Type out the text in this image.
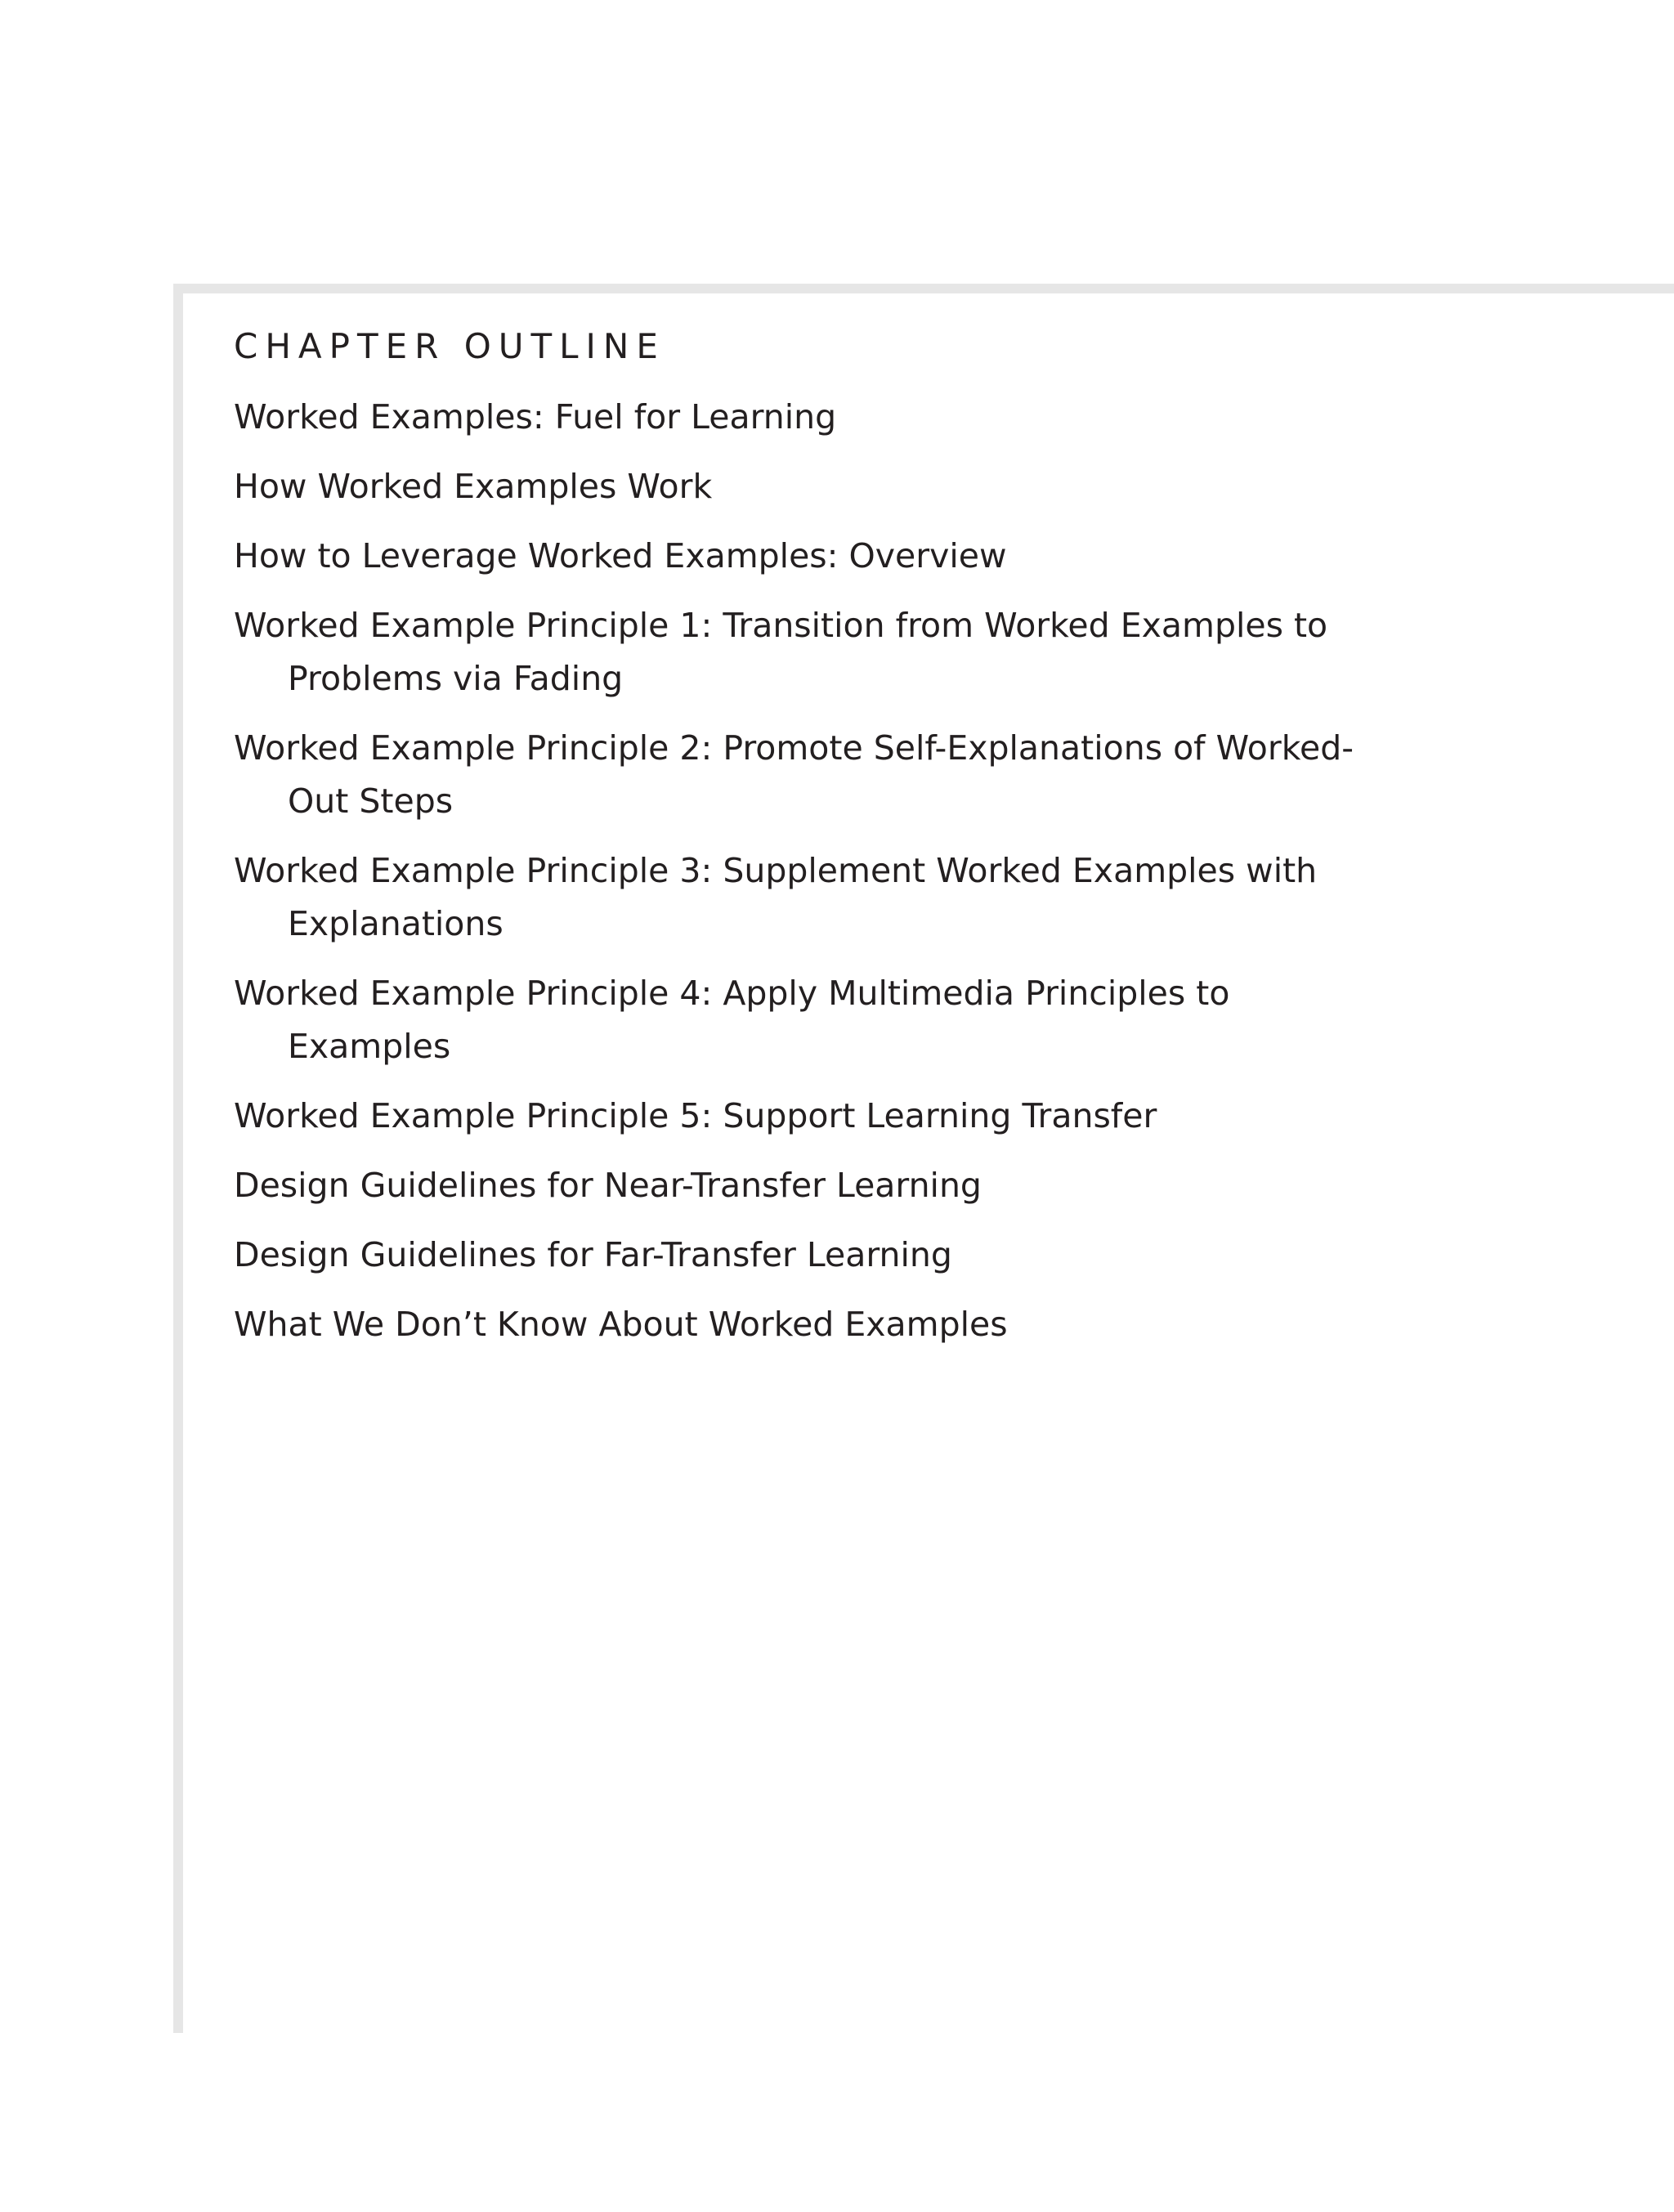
CHAPTER OUTLINE
Worked Examples: Fuel for Learning
How Worked Examples Work
How to Leverage Worked Examples: Overview
Worked Example Principle 1: Transition from Worked Examples to Problems via Fading
Worked Example Principle 2: Promote Self-Explanations of Worked-Out Steps
Worked Example Principle 3: Supplement Worked Examples with Explanations
Worked Example Principle 4: Apply Multimedia Principles to Examples
Worked Example Principle 5: Support Learning Transfer
Design Guidelines for Near-Transfer Learning
Design Guidelines for Far-Transfer Learning
What We Don’t Know About Worked Examples
